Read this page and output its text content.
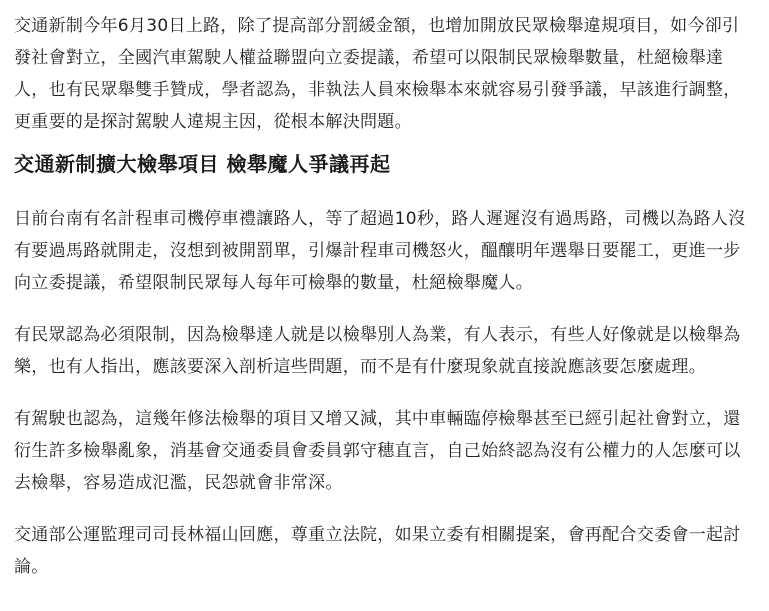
交通新制今年6月30日上路，除了提高部分罰緩金額，也增加開放民眾檢舉違規項目，如今卻引發社會對立，全國汽車駕駛人權益聯盟向立委提議，希望可以限制民眾檢舉數量，杜絕檢舉達人，也有民眾舉雙手贊成，學者認為，非執法人員來檢舉本來就容易引發爭議，早該進行調整，更重要的是探討駕駛人違規主因，從根本解決問題。

交通新制擴大檢舉項目 檢舉魔人爭議再起

日前台南有名計程車司機停車禮讓路人，等了超過10秒，路人遲遲沒有過馬路，司機以為路人沒有要過馬路就開走，沒想到被開罰單，引爆計程車司機怒火，醞釀明年選舉日要罷工，更進一步向立委提議，希望限制民眾每人每年可檢舉的數量，杜絕檢舉魔人。

有民眾認為必須限制，因為檢舉達人就是以檢舉別人為業，有人表示，有些人好像就是以檢舉為樂，也有人指出，應該要深入剖析這些問題，而不是有什麼現象就直接說應該要怎麼處理。

有駕駛也認為，這幾年修法檢舉的項目又增又減，其中車輛臨停檢舉甚至已經引起社會對立，還衍生許多檢舉亂象，消基會交通委員會委員郭守穗直言，自己始終認為沒有公權力的人怎麼可以去檢舉，容易造成氾濫，民怨就會非常深。

交通部公運監理司司長林福山回應，尊重立法院，如果立委有相關提案，會再配合交委會一起討論。
